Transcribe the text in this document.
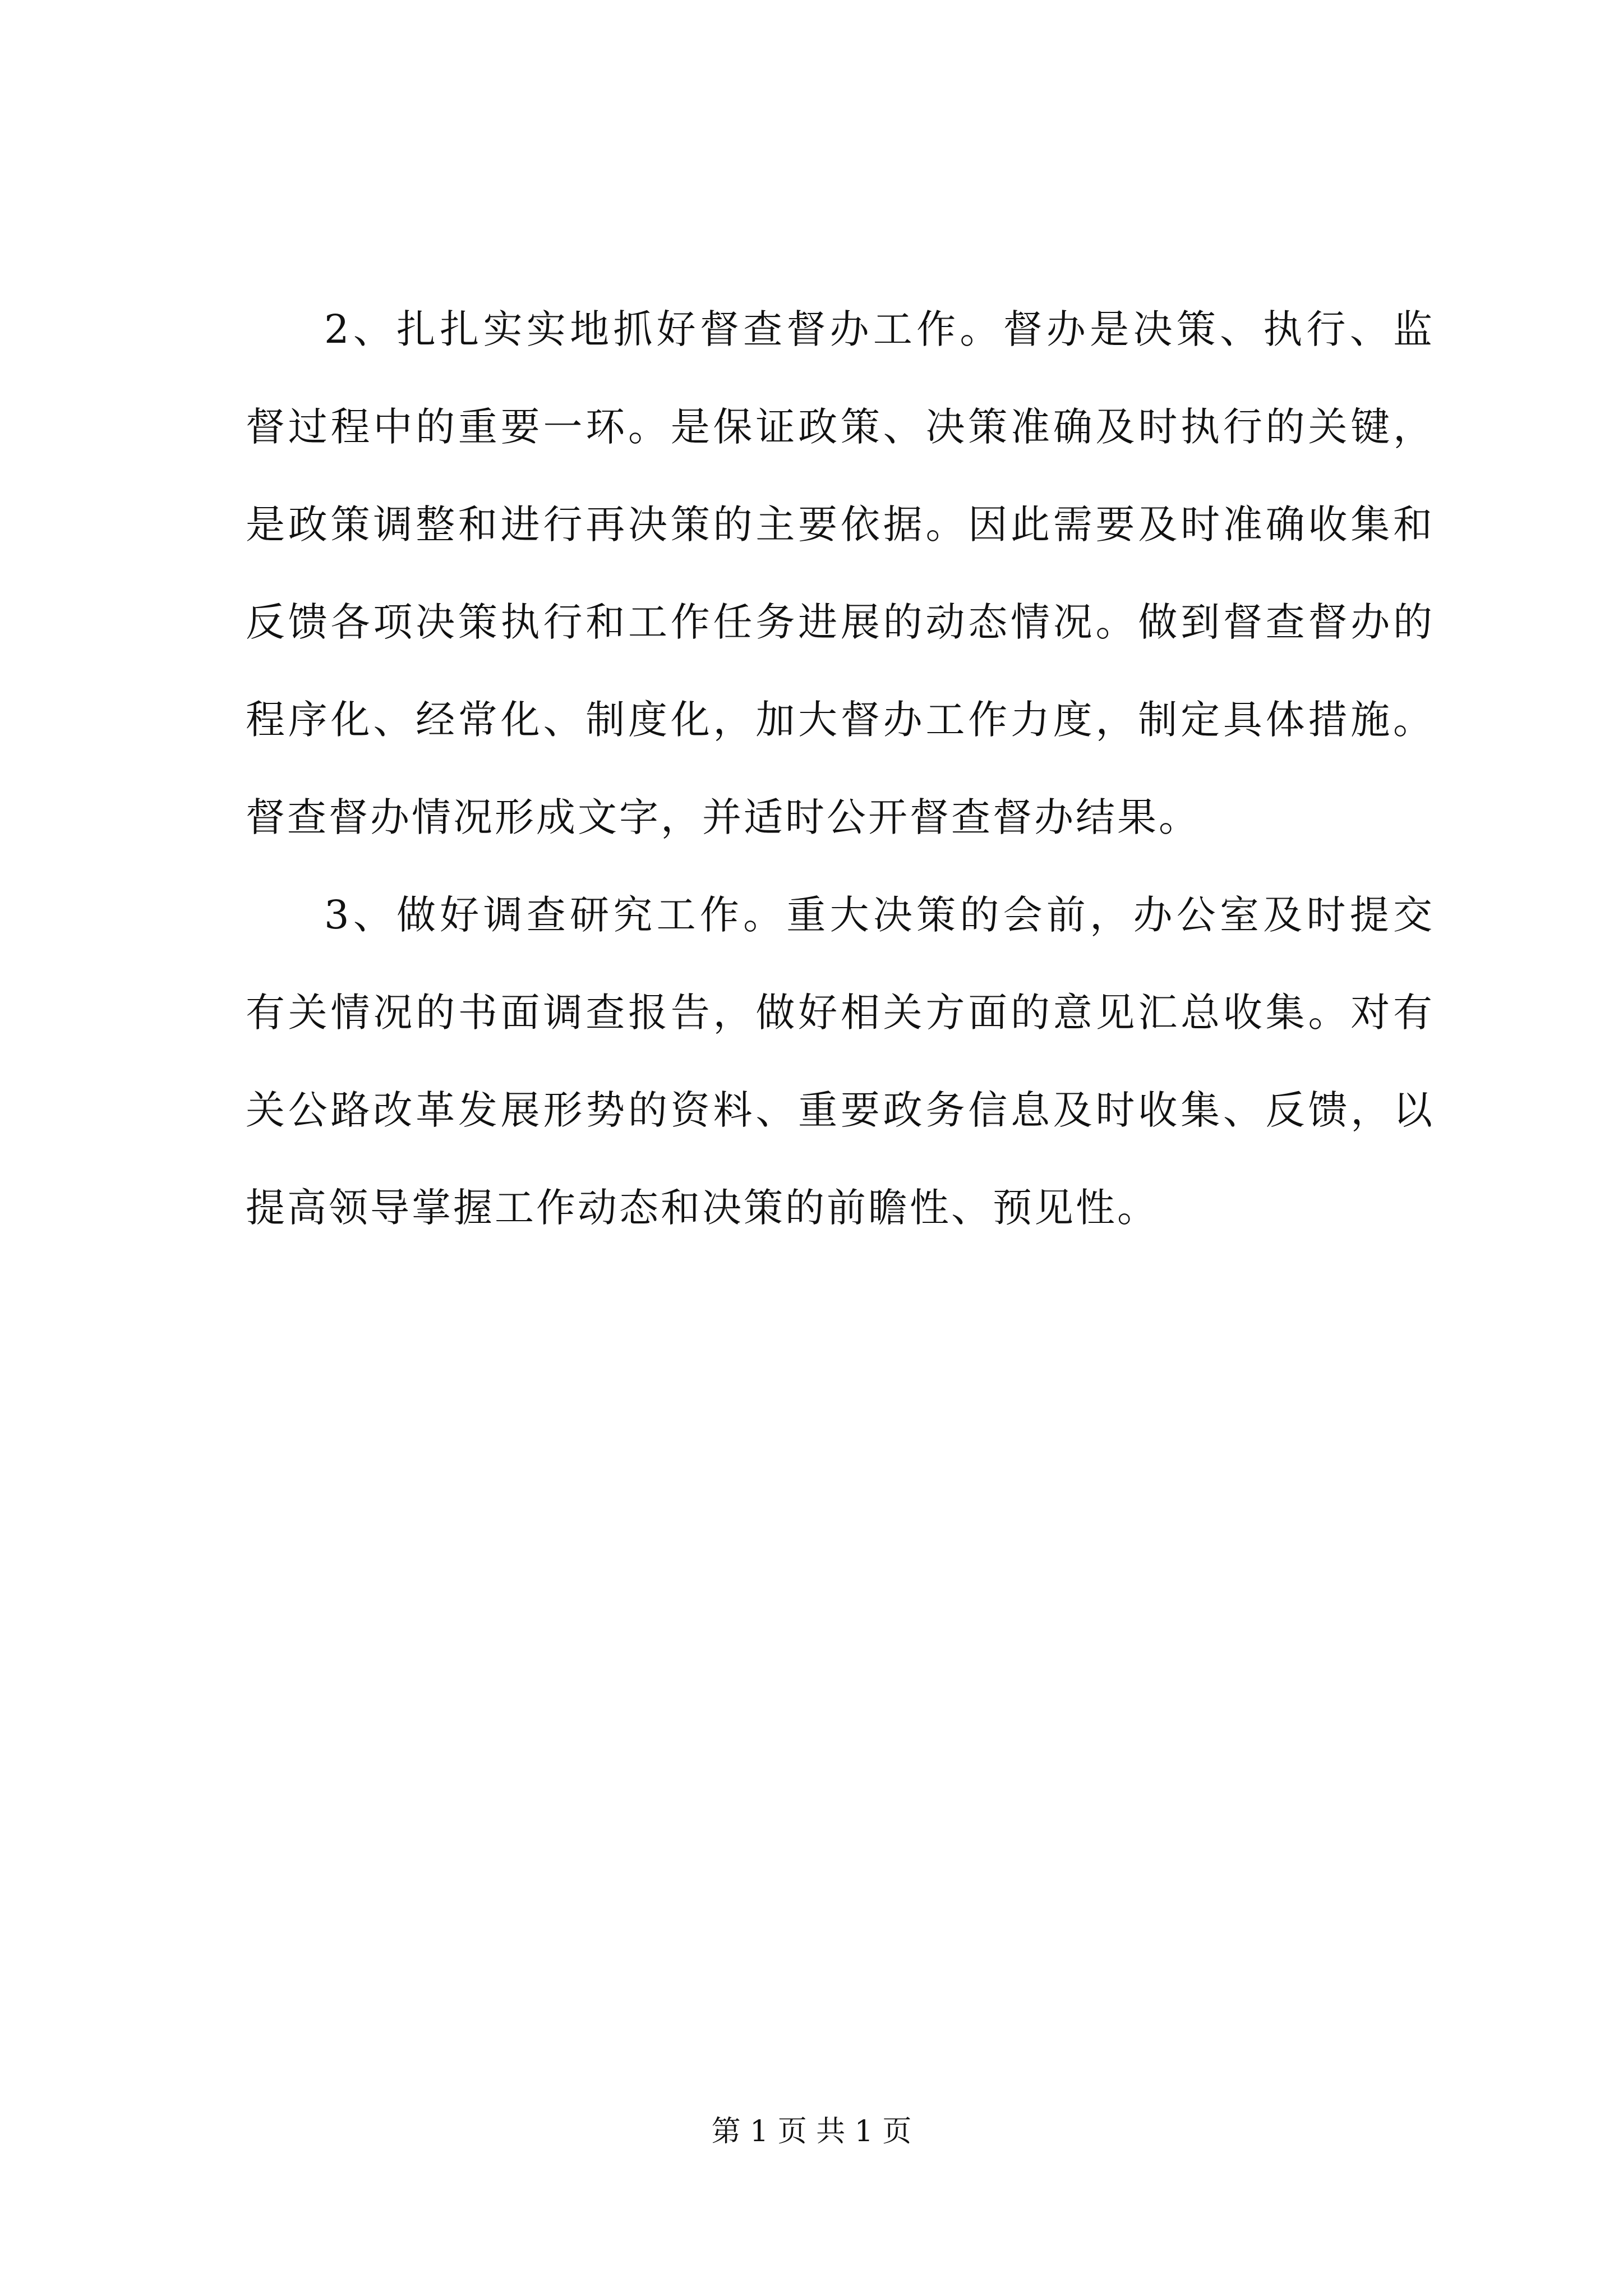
2、扎扎实实地抓好督查督办工作。督办是决策、执行、监
督过程中的重要一环。是保证政策、决策准确及时执行的关键，
是政策调整和进行再决策的主要依据。因此需要及时准确收集和
反馈各项决策执行和工作任务进展的动态情况。做到督查督办的
程序化、经常化、制度化，加大督办工作力度，制定具体措施。
督查督办情况形成文字，并适时公开督查督办结果。
3、做好调查研究工作。重大决策的会前，办公室及时提交
有关情况的书面调查报告，做好相关方面的意见汇总收集。对有
关公路改革发展形势的资料、重要政务信息及时收集、反馈，以
提高领导掌握工作动态和决策的前瞻性、预见性。
第 1 页 共 1 页
